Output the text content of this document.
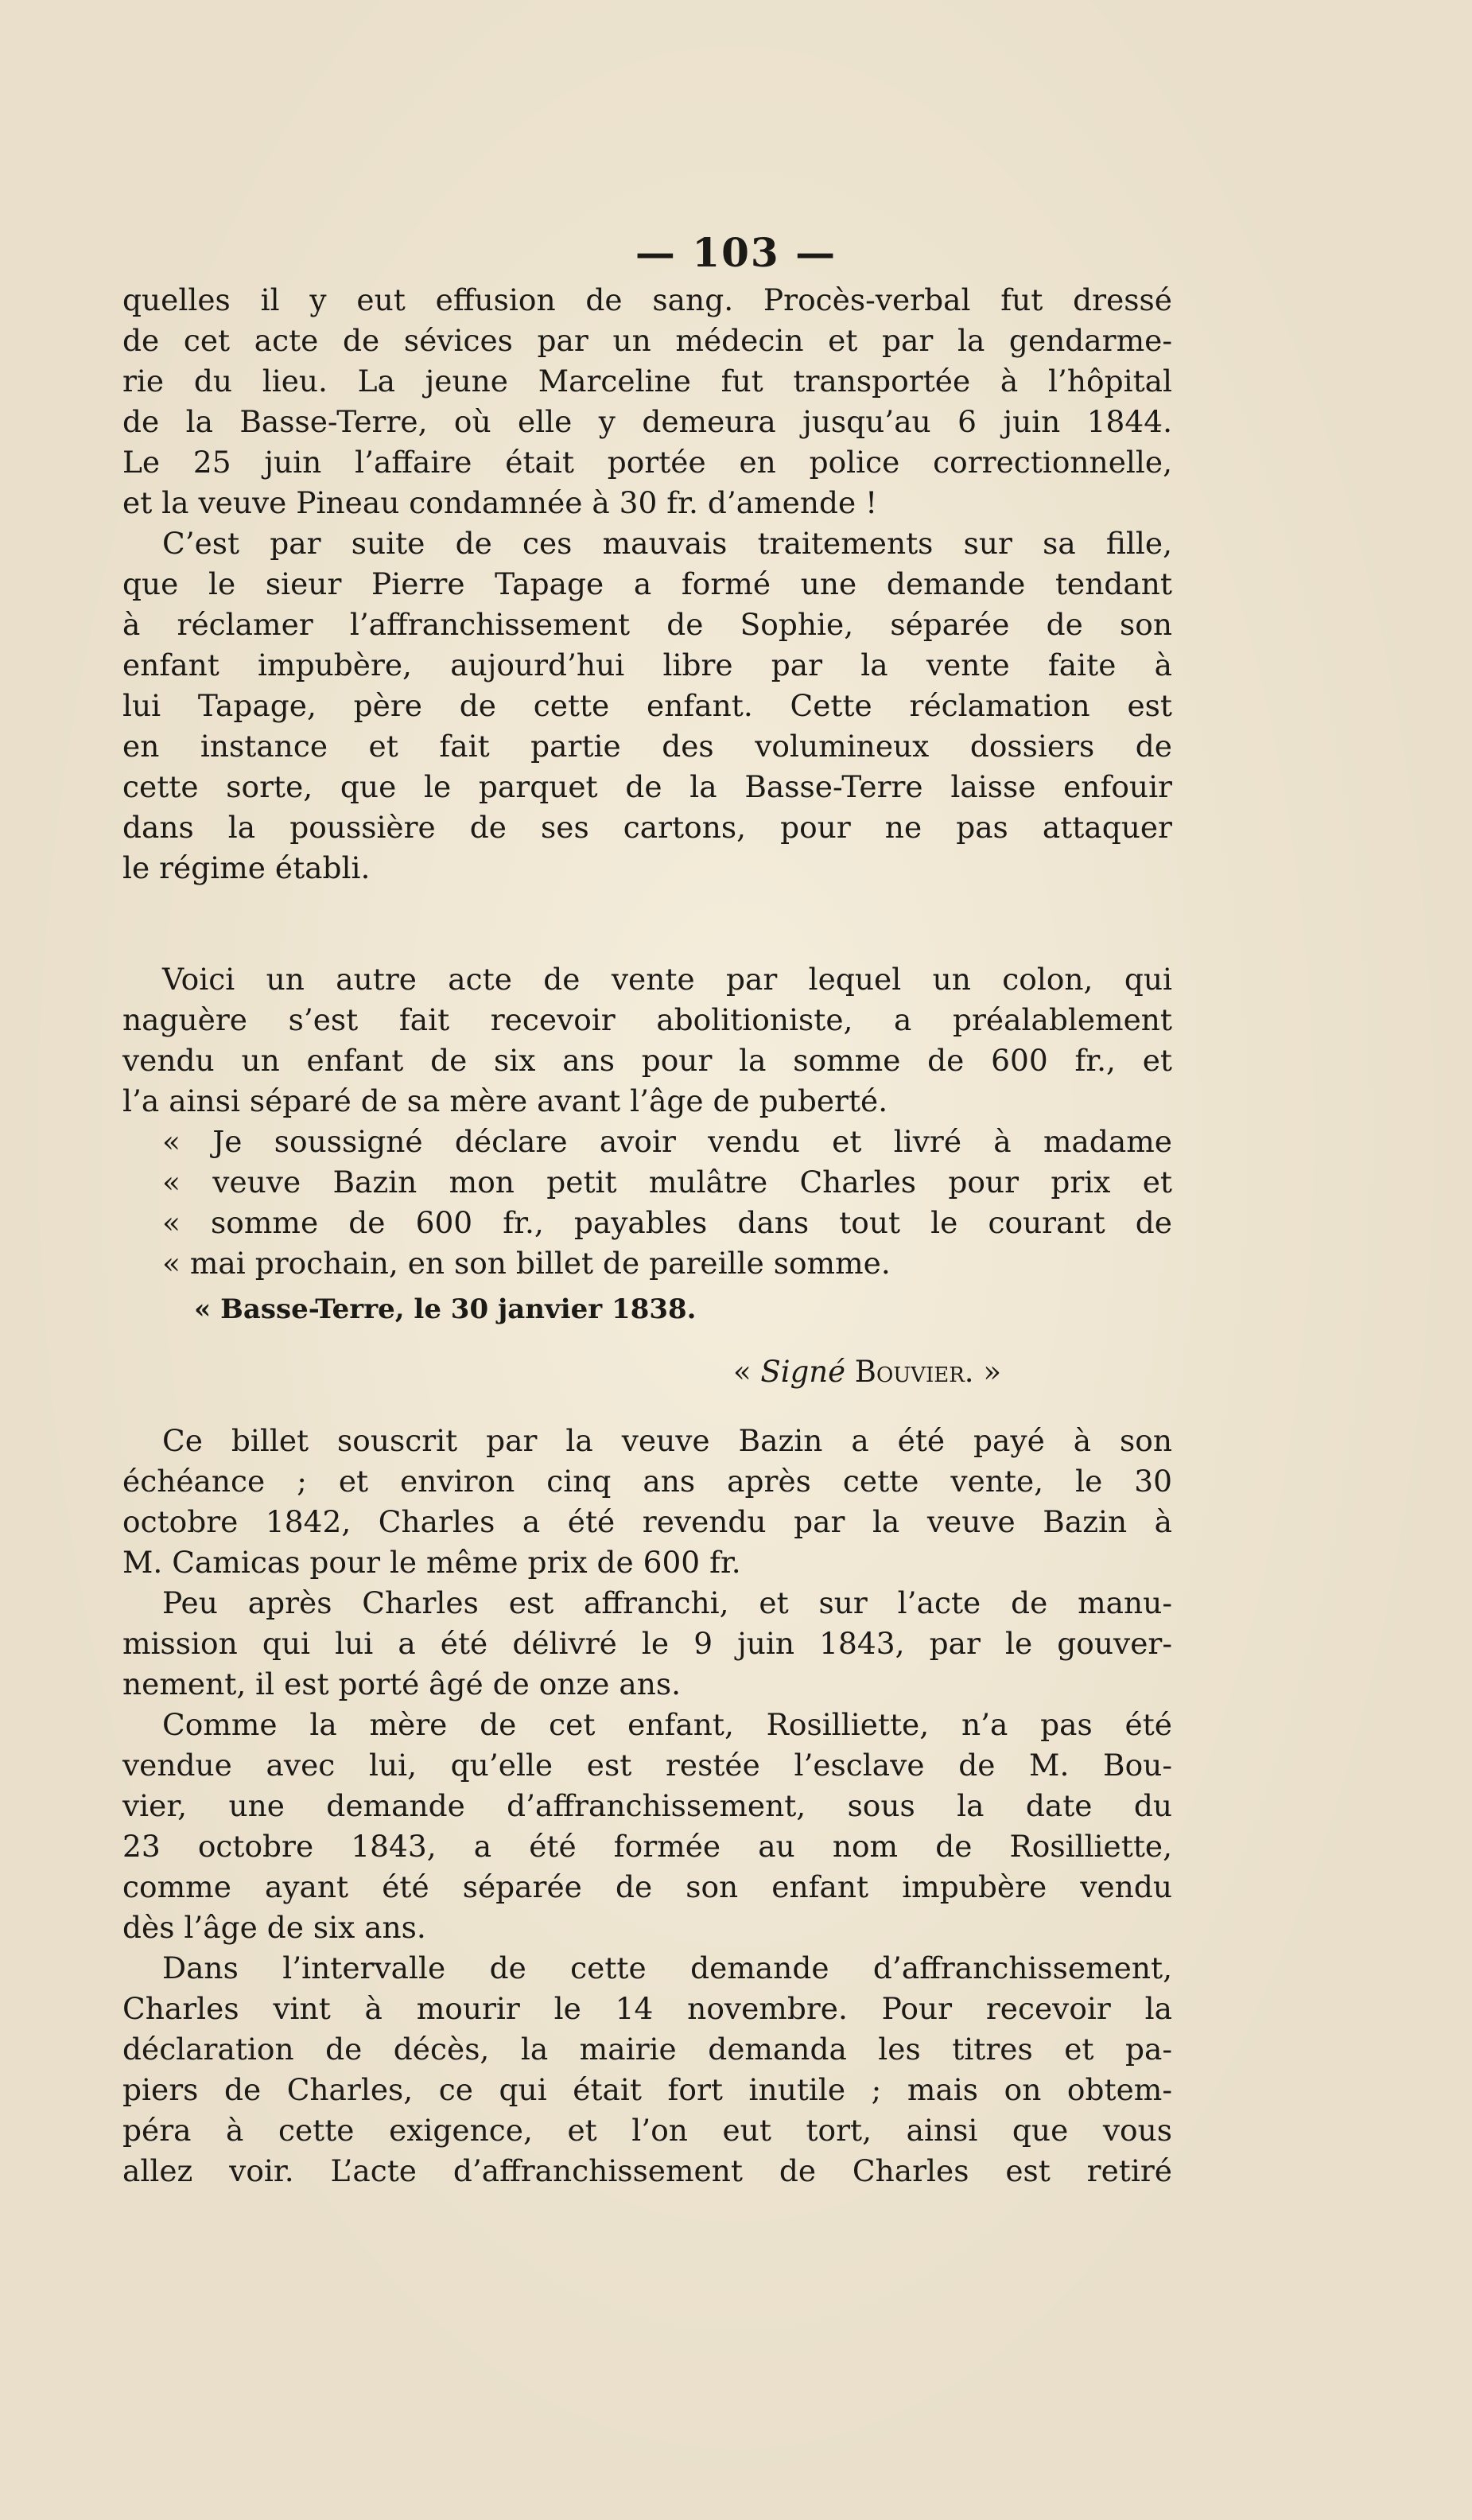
— 103 —
quelles il y eut effusion de sang. Procès-verbal fut dressé
de cet acte de sévices par un médecin et par la gendarme-
rie du lieu. La jeune Marceline fut transportée à l’hôpital
de la Basse-Terre, où elle y demeura jusqu’au 6 juin 1844.
Le 25 juin l’affaire était portée en police correctionnelle,
et la veuve Pineau condamnée à 30 fr. d’amende !
C’est par suite de ces mauvais traitements sur sa fille,
que le sieur Pierre Tapage a formé une demande tendant
à réclamer l’affranchissement de Sophie, séparée de son
enfant impubère, aujourd’hui libre par la vente faite à
lui Tapage, père de cette enfant. Cette réclamation est
en instance et fait partie des volumineux dossiers de
cette sorte, que le parquet de la Basse-Terre laisse enfouir
dans la poussière de ses cartons, pour ne pas attaquer
le régime établi.
Voici un autre acte de vente par lequel un colon, qui
naguère s’est fait recevoir abolitioniste, a préalablement
vendu un enfant de six ans pour la somme de 600 fr., et
l’a ainsi séparé de sa mère avant l’âge de puberté.
« Je soussigné déclare avoir vendu et livré à madame
« veuve Bazin mon petit mulâtre Charles pour prix et
« somme de 600 fr., payables dans tout le courant de
« mai prochain, en son billet de pareille somme.
« Basse-Terre, le 30 janvier 1838.
« Signé Bouvier. »
Ce billet souscrit par la veuve Bazin a été payé à son
échéance ; et environ cinq ans après cette vente, le 30
octobre 1842, Charles a été revendu par la veuve Bazin à
M. Camicas pour le même prix de 600 fr.
Peu après Charles est affranchi, et sur l’acte de manu-
mission qui lui a été délivré le 9 juin 1843, par le gouver-
nement, il est porté âgé de onze ans.
Comme la mère de cet enfant, Rosilliette, n’a pas été
vendue avec lui, qu’elle est restée l’esclave de M. Bou-
vier, une demande d’affranchissement, sous la date du
23 octobre 1843, a été formée au nom de Rosilliette,
comme ayant été séparée de son enfant impubère vendu
dès l’âge de six ans.
Dans l’intervalle de cette demande d’affranchissement,
Charles vint à mourir le 14 novembre. Pour recevoir la
déclaration de décès, la mairie demanda les titres et pa-
piers de Charles, ce qui était fort inutile ; mais on obtem-
péra à cette exigence, et l’on eut tort, ainsi que vous
allez voir. L’acte d’affranchissement de Charles est retiré
